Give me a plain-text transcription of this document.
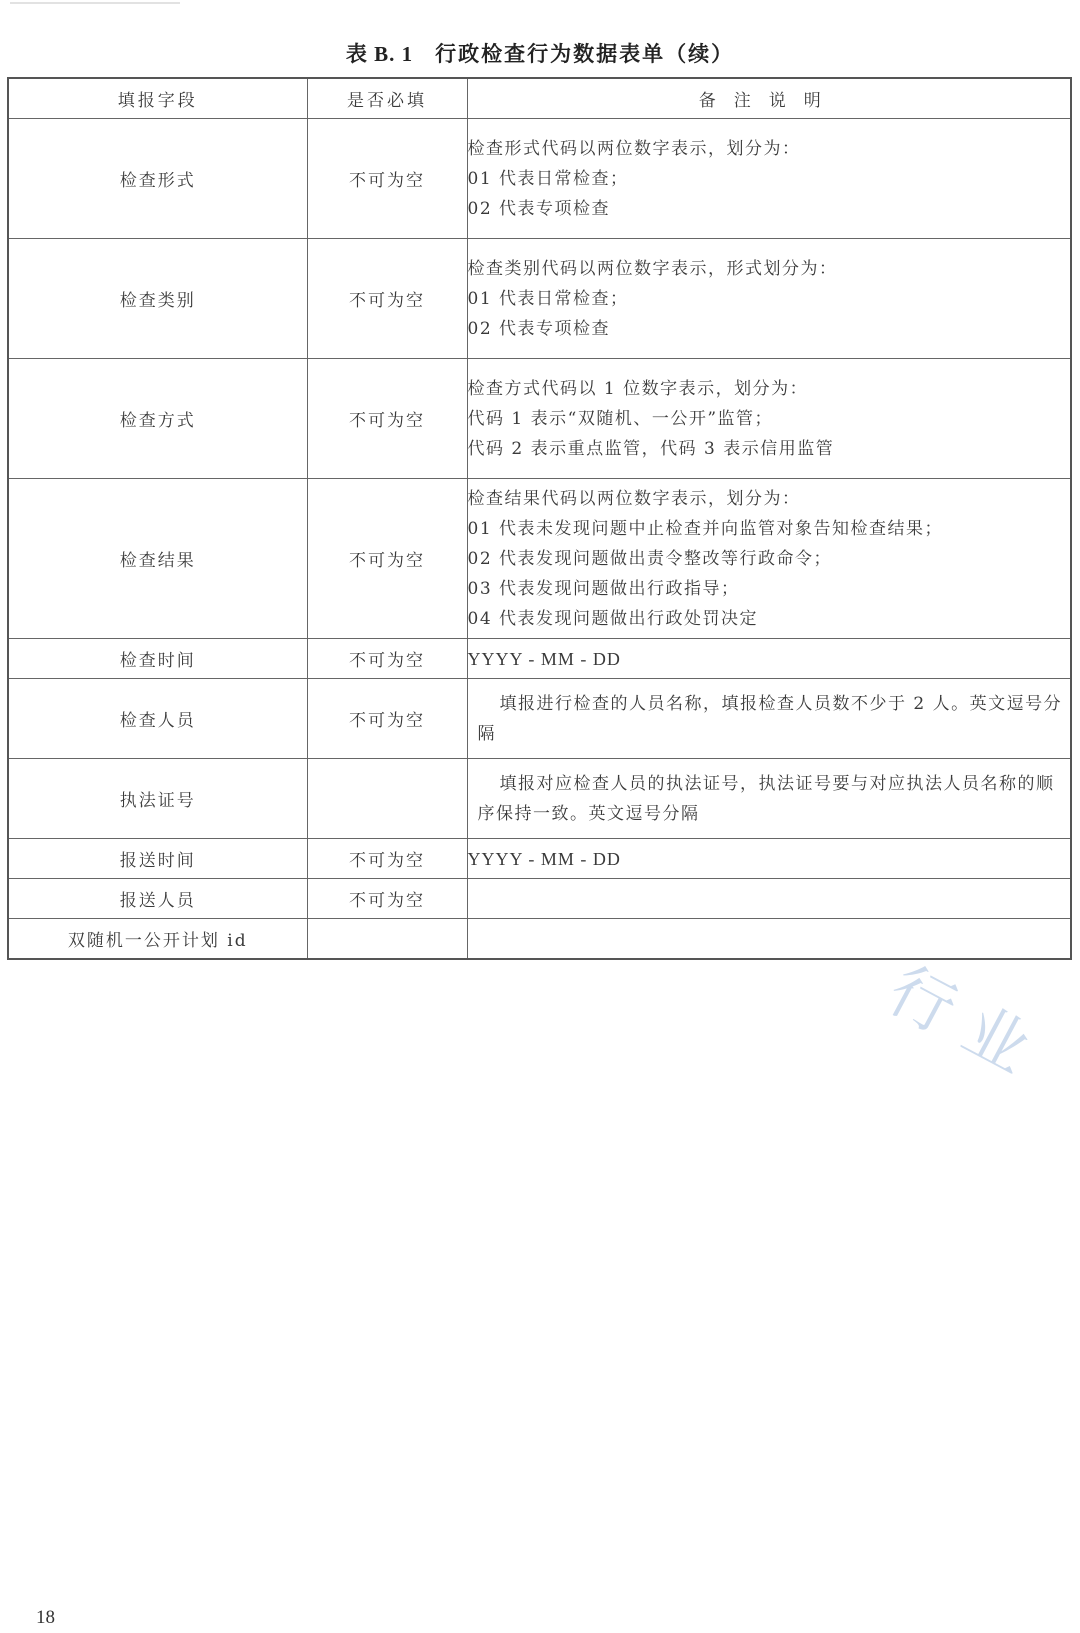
表 B. 1 行政检查行为数据表单（续）
填报字段	是否必填	备注说明
检查形式	不可为空	检查形式代码以两位数字表示，划分为：
01 代表日常检查；
02 代表专项检查

检查类别	不可为空	检查类别代码以两位数字表示，形式划分为：
01 代表日常检查；
02 代表专项检查

检查方式	不可为空	检查方式代码以 1 位数字表示，划分为：
代码 1 表示“双随机、一公开”监管；
代码 2 表示重点监管，代码 3 表示信用监管

检查结果	不可为空	检查结果代码以两位数字表示，划分为：
01 代表未发现问题中止检查并向监管对象告知检查结果；
02 代表发现问题做出责令整改等行政命令；
03 代表发现问题做出行政指导；
04 代表发现问题做出行政处罚决定

检查时间	不可为空	YYYY - MM - DD

检查人员	不可为空	填报进行检查的人员名称，填报检查人员数不少于 2 人。英文逗号分隔
执法证号		填报对应检查人员的执法证号，执法证号要与对应执法人员名称的顺序保持一致。英文逗号分隔
报送时间	不可为空	YYYY - MM - DD

报送人员	不可为空	
双随机一公开计划 id		
行业
18
